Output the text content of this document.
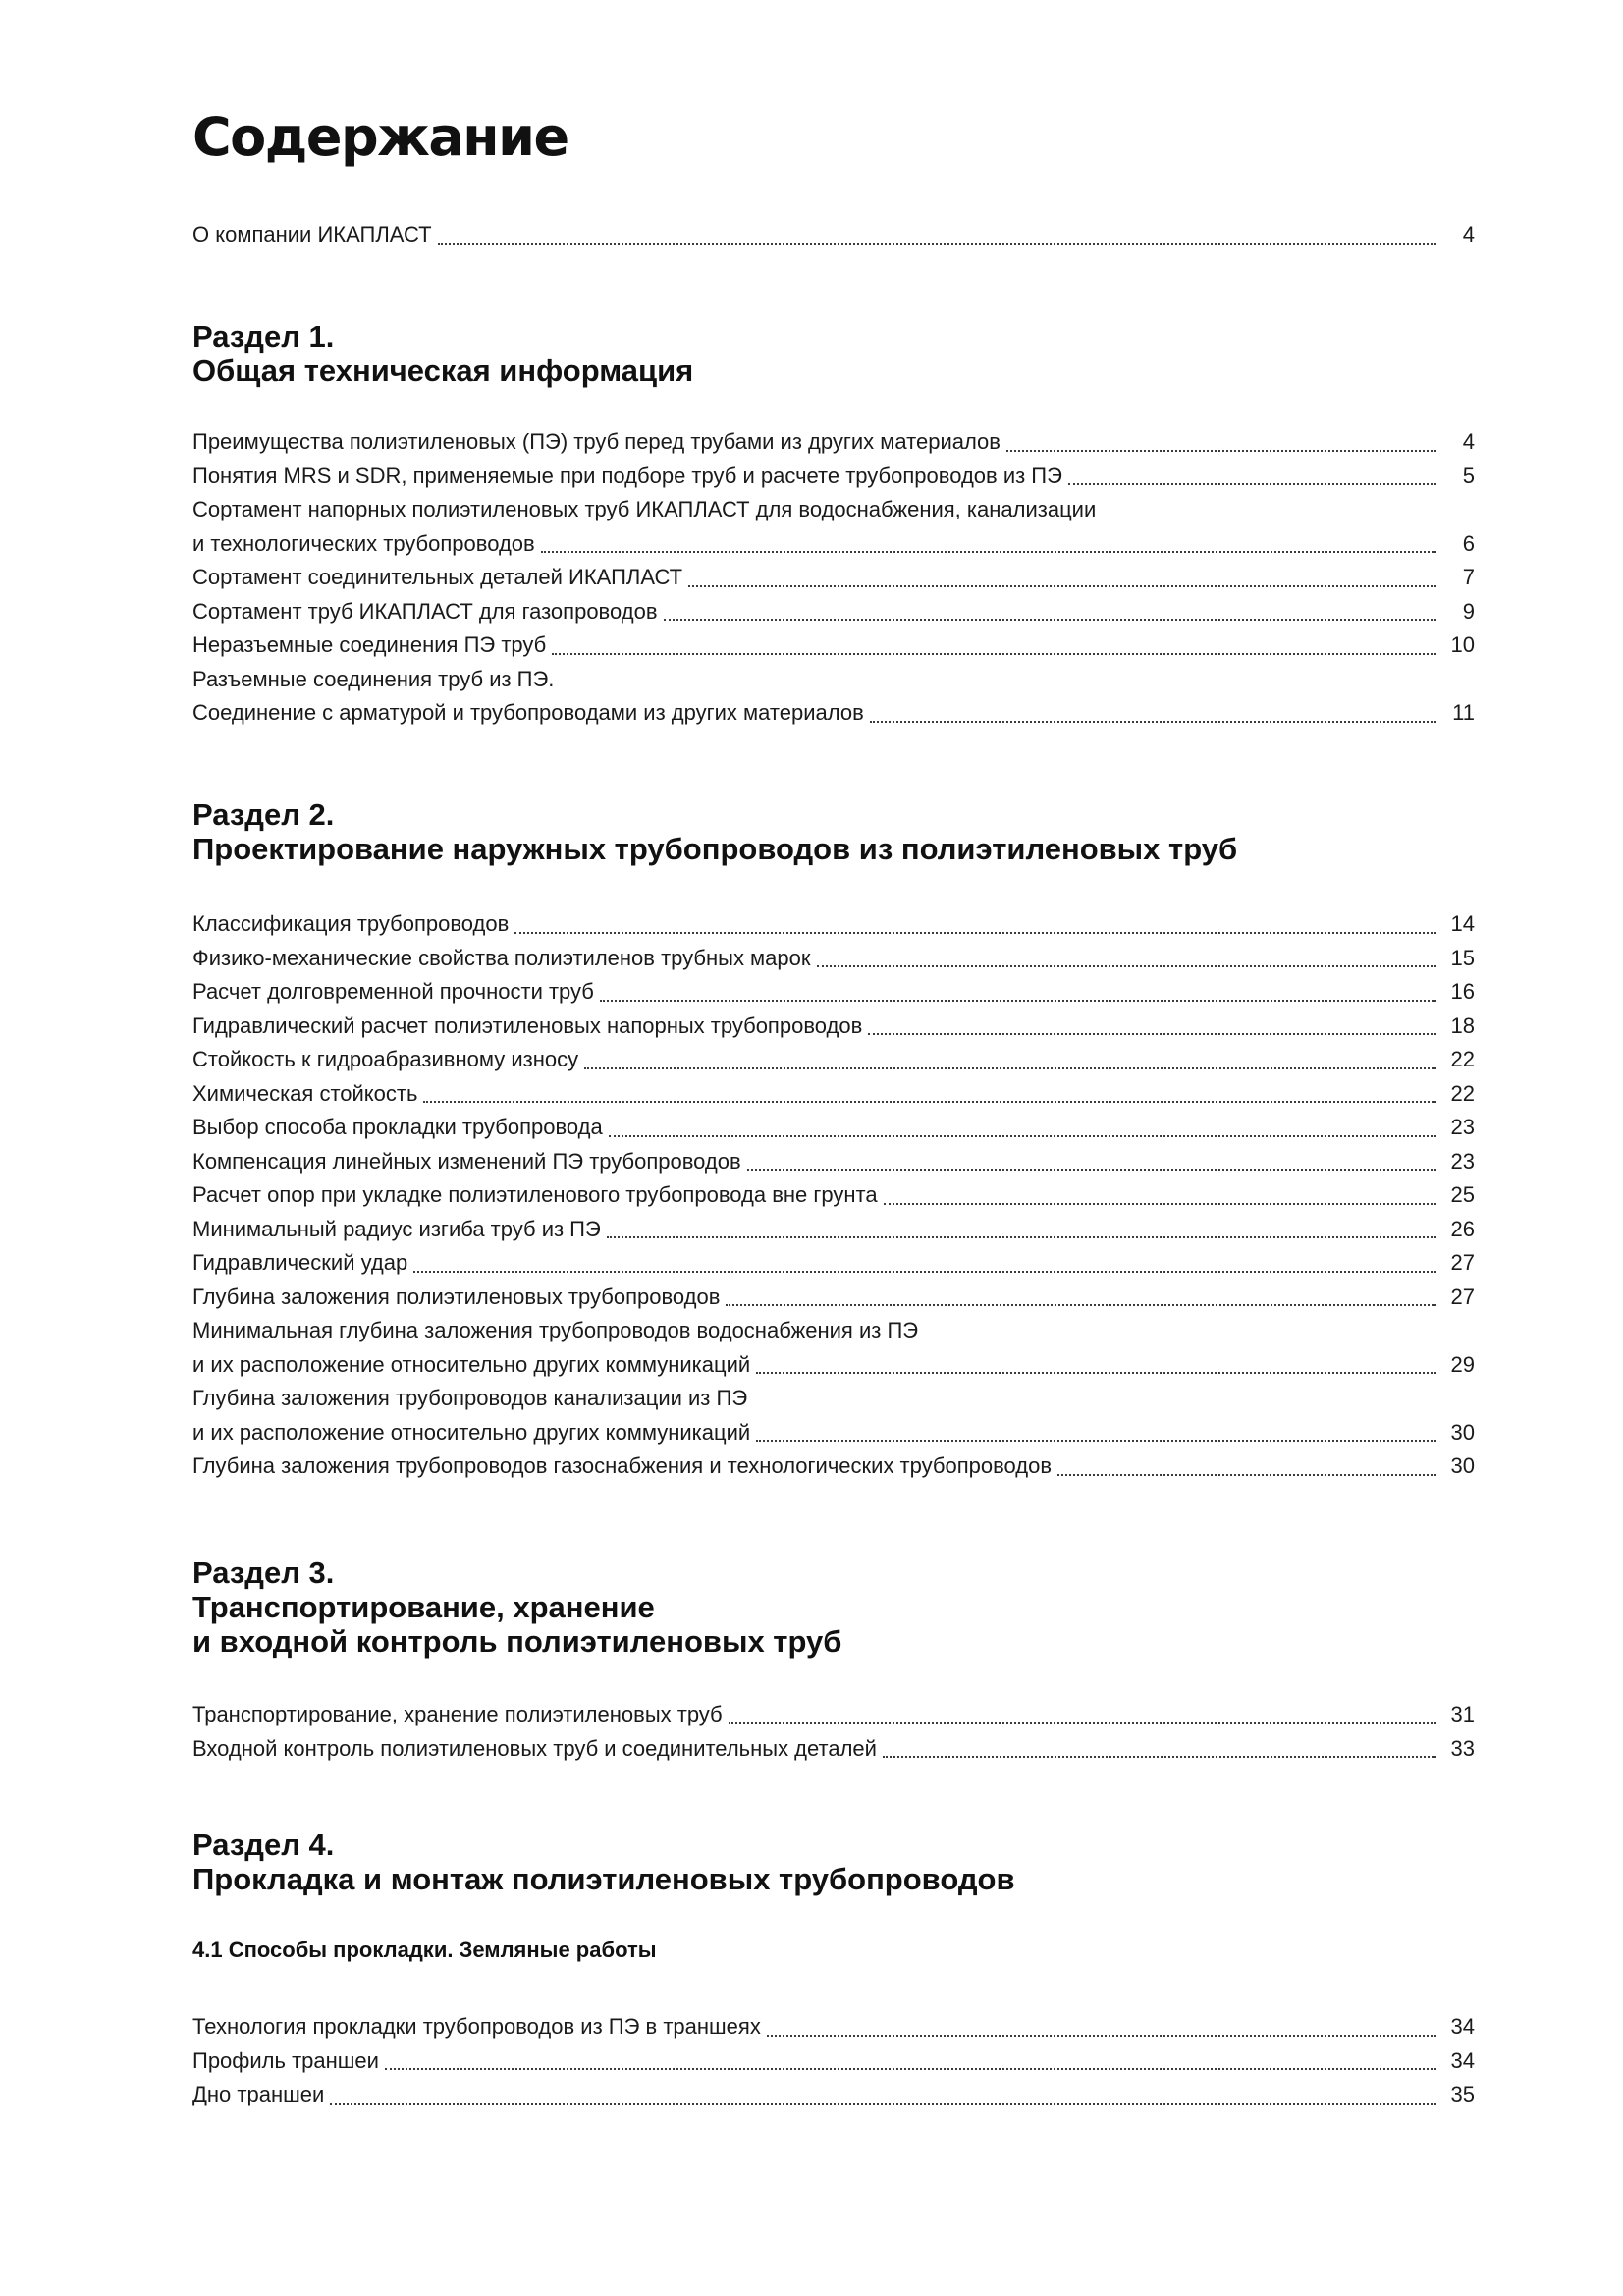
Содержание
О компании ИКАПЛАСТ	4
Раздел 1.
Общая техническая информация
Преимущества полиэтиленовых (ПЭ) труб перед трубами из других материалов	4
Понятия MRS и SDR, применяемые при подборе труб и расчете трубопроводов из ПЭ	5
Сортамент напорных полиэтиленовых труб ИКАПЛАСТ для водоснабжения, канализации
и технологических трубопроводов	6
Сортамент соединительных деталей ИКАПЛАСТ	7
Сортамент труб ИКАПЛАСТ для газопроводов	9
Неразъемные соединения ПЭ труб	10
Разъемные соединения труб из ПЭ.
Соединение с арматурой и трубопроводами из других материалов	11
Раздел 2.
Проектирование наружных трубопроводов из полиэтиленовых труб
Классификация трубопроводов	14
Физико-механические свойства полиэтиленов трубных марок	15
Расчет долговременной прочности труб	16
Гидравлический расчет полиэтиленовых напорных трубопроводов	18
Стойкость к гидроабразивному износу	22
Химическая стойкость	22
Выбор способа прокладки трубопровода	23
Компенсация линейных изменений ПЭ трубопроводов	23
Расчет опор при укладке полиэтиленового трубопровода вне грунта	25
Минимальный радиус изгиба труб из ПЭ	26
Гидравлический удар	27
Глубина заложения полиэтиленовых трубопроводов	27
Минимальная глубина заложения трубопроводов водоснабжения из ПЭ
и их расположение относительно других коммуникаций	29
Глубина заложения трубопроводов канализации из ПЭ
и их расположение относительно других коммуникаций	30
Глубина заложения трубопроводов газоснабжения и технологических трубопроводов	30
Раздел 3.
Транспортирование, хранение
и входной контроль полиэтиленовых труб
Транспортирование, хранение полиэтиленовых труб	31
Входной контроль полиэтиленовых труб и соединительных деталей	33
Раздел 4.
Прокладка и монтаж полиэтиленовых трубопроводов
4.1 Способы прокладки. Земляные работы
Технология прокладки трубопроводов из ПЭ в траншеях	34
Профиль траншеи	34
Дно траншеи	35
